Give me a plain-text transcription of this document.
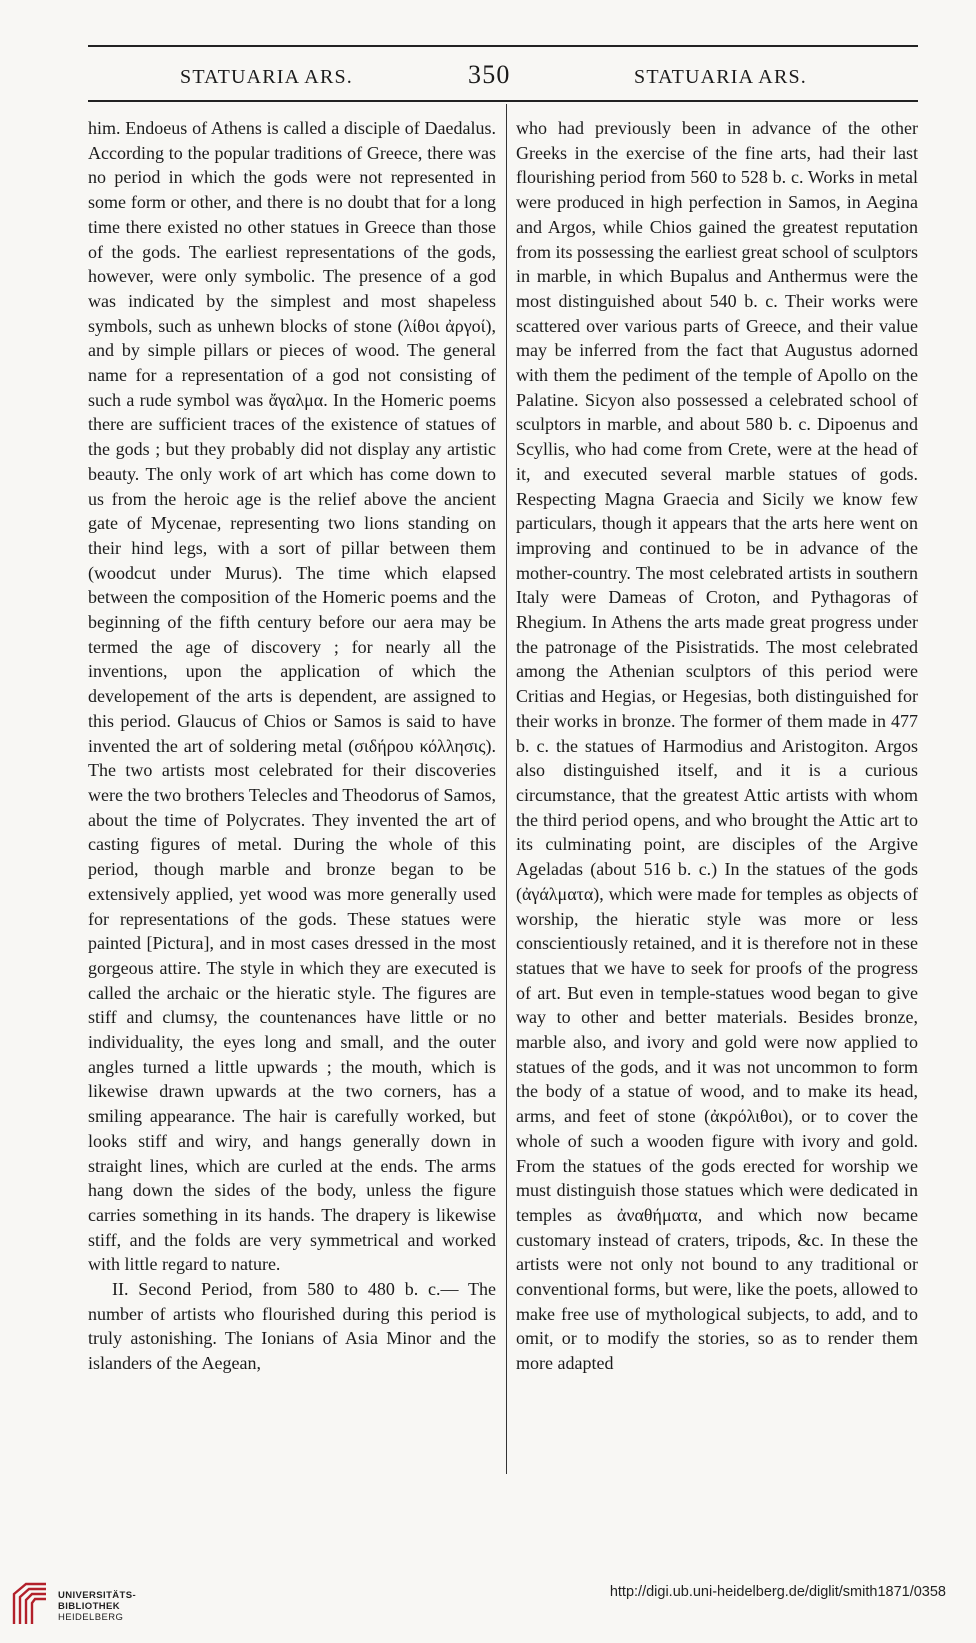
STATUARIA ARS.	350	STATUARIA ARS.

him. Endoeus of Athens is called a disciple of Daedalus. According to the popular traditions of Greece, there was no period in which the gods were not represented in some form or other, and there is no doubt that for a long time there existed no other statues in Greece than those of the gods. The earliest representations of the gods, however, were only symbolic. The presence of a god was indicated by the simplest and most shapeless symbols, such as unhewn blocks of stone (λίθοι ἀργοί), and by simple pillars or pieces of wood. The general name for a representation of a god not consisting of such a rude symbol was ἄγαλμα. In the Homeric poems there are sufficient traces of the existence of statues of the gods ; but they probably did not display any artistic beauty. The only work of art which has come down to us from the heroic age is the relief above the ancient gate of Mycenae, representing two lions standing on their hind legs, with a sort of pillar between them (woodcut under Murus). The time which elapsed between the composition of the Homeric poems and the beginning of the fifth century before our aera may be termed the age of discovery ; for nearly all the inventions, upon the application of which the developement of the arts is dependent, are assigned to this period. Glaucus of Chios or Samos is said to have invented the art of soldering metal (σιδήρου κόλλησις). The two artists most celebrated for their discoveries were the two brothers Telecles and Theodorus of Samos, about the time of Polycrates. They invented the art of casting figures of metal. During the whole of this period, though marble and bronze began to be extensively applied, yet wood was more generally used for representations of the gods. These statues were painted [Pictura], and in most cases dressed in the most gorgeous attire. The style in which they are executed is called the archaic or the hieratic style. The figures are stiff and clumsy, the countenances have little or no individuality, the eyes long and small, and the outer angles turned a little upwards ; the mouth, which is likewise drawn upwards at the two corners, has a smiling appearance. The hair is carefully worked, but looks stiff and wiry, and hangs generally down in straight lines, which are curled at the ends. The arms hang down the sides of the body, unless the figure carries something in its hands. The drapery is likewise stiff, and the folds are very symmetrical and worked with little regard to nature.

II. Second Period, from 580 to 480 b. c.— The number of artists who flourished during this period is truly astonishing. The Ionians of Asia Minor and the islanders of the Aegean,

who had previously been in advance of the other Greeks in the exercise of the fine arts, had their last flourishing period from 560 to 528 b. c. Works in metal were produced in high perfection in Samos, in Aegina and Argos, while Chios gained the greatest reputation from its possessing the earliest great school of sculptors in marble, in which Bupalus and Anthermus were the most distinguished about 540 b. c. Their works were scattered over various parts of Greece, and their value may be inferred from the fact that Augustus adorned with them the pediment of the temple of Apollo on the Palatine. Sicyon also possessed a celebrated school of sculptors in marble, and about 580 b. c. Dipoenus and Scyllis, who had come from Crete, were at the head of it, and executed several marble statues of gods. Respecting Magna Graecia and Sicily we know few particulars, though it appears that the arts here went on improving and continued to be in advance of the mother-country. The most celebrated artists in southern Italy were Dameas of Croton, and Pythagoras of Rhegium. In Athens the arts made great progress under the patronage of the Pisistratids. The most celebrated among the Athenian sculptors of this period were Critias and Hegias, or Hegesias, both distinguished for their works in bronze. The former of them made in 477 b. c. the statues of Harmodius and Aristogiton. Argos also distinguished itself, and it is a curious circumstance, that the greatest Attic artists with whom the third period opens, and who brought the Attic art to its culminating point, are disciples of the Argive Ageladas (about 516 b. c.) In the statues of the gods (ἀγάλματα), which were made for temples as objects of worship, the hieratic style was more or less conscientiously retained, and it is therefore not in these statues that we have to seek for proofs of the progress of art. But even in temple-statues wood began to give way to other and better materials. Besides bronze, marble also, and ivory and gold were now applied to statues of the gods, and it was not uncommon to form the body of a statue of wood, and to make its head, arms, and feet of stone (ἀκρόλιθοι), or to cover the whole of such a wooden figure with ivory and gold. From the statues of the gods erected for worship we must distinguish those statues which were dedicated in temples as ἀναθήματα, and which now became customary instead of craters, tripods, &c. In these the artists were not only not bound to any traditional or conventional forms, but were, like the poets, allowed to make free use of mythological subjects, to add, and to omit, or to modify the stories, so as to render them more adapted

UNIVERSITÄTS-
BIBLIOTHEK
HEIDELBERG
http://digi.ub.uni-heidelberg.de/diglit/smith1871/0358
